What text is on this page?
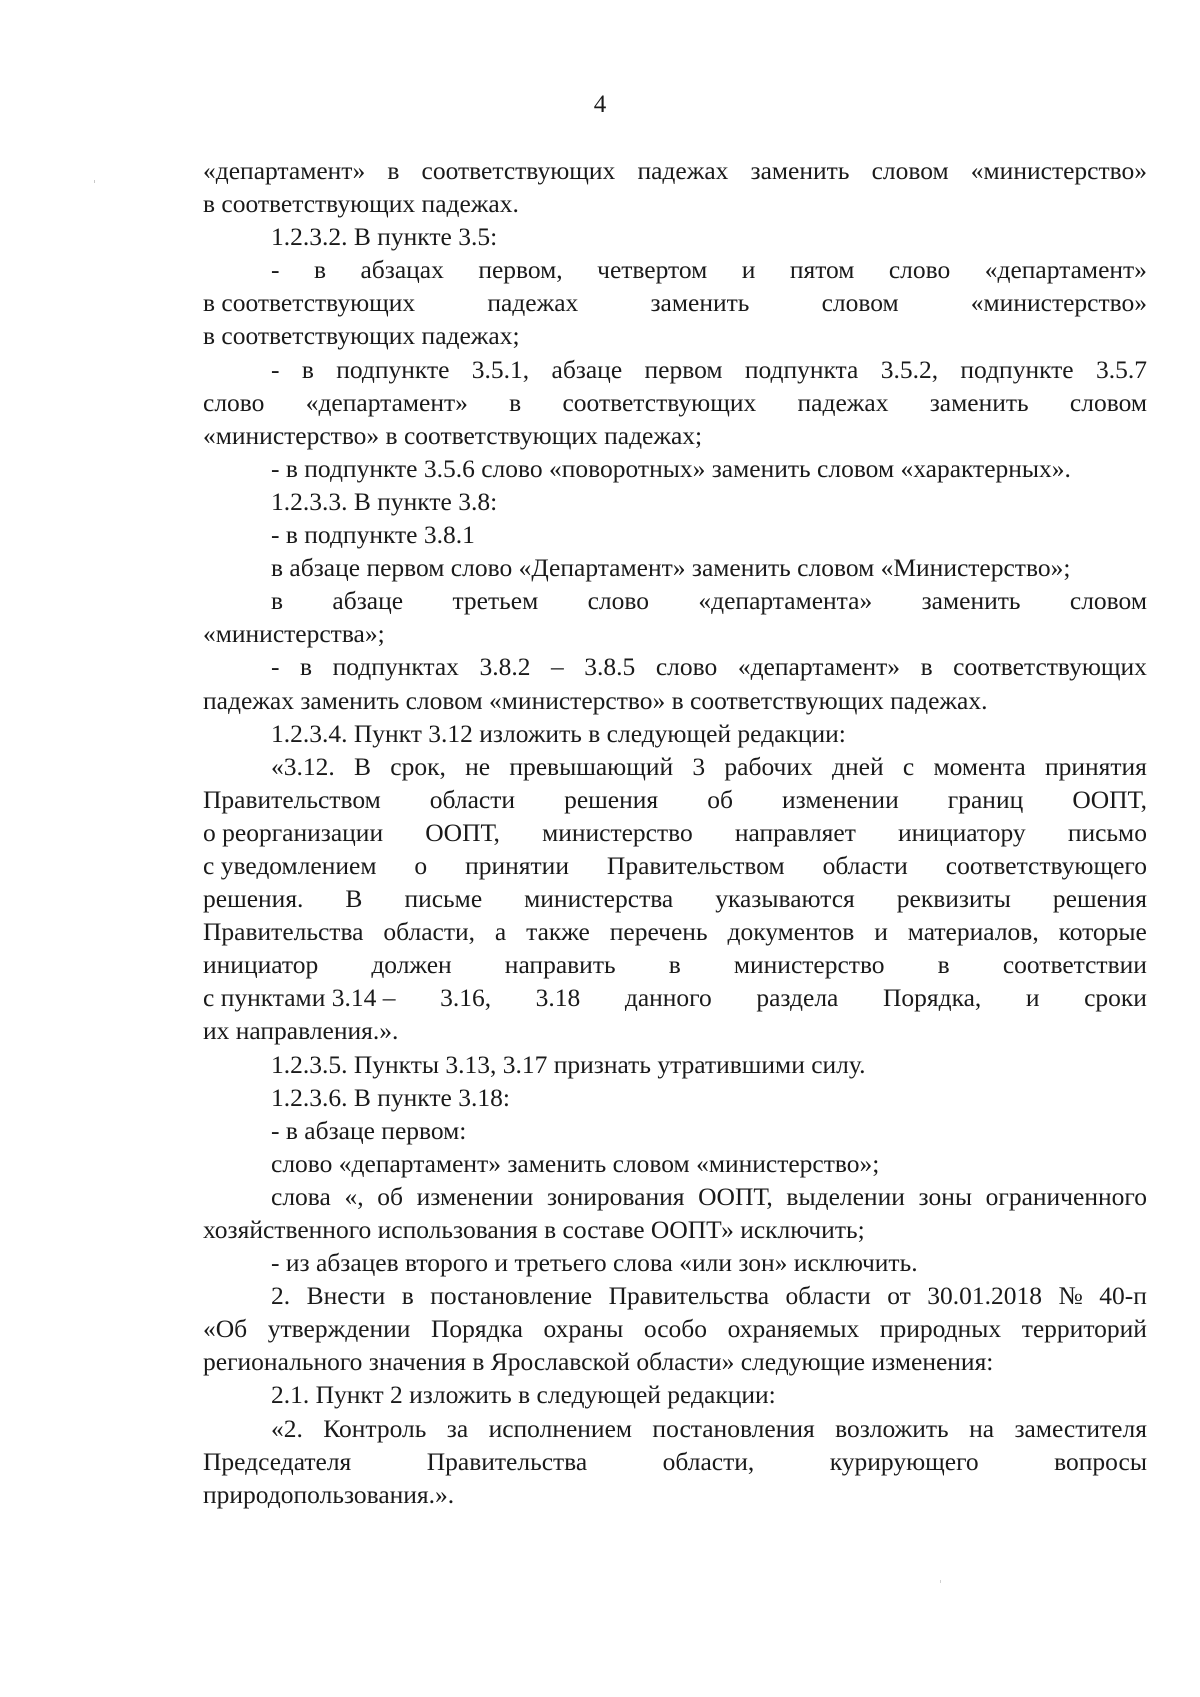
4
«департамент» в соответствующих падежах заменить словом «министерство»
в соответствующих падежах.
1.2.3.2. В пункте 3.5:
- в абзацах первом, четвертом и пятом слово «департамент»
в соответствующих	падежах	заменить	словом	«министерство»
в соответствующих падежах;
- в подпункте 3.5.1, абзаце первом подпункта 3.5.2, подпункте 3.5.7
слово «департамент» в соответствующих падежах заменить словом
«министерство» в соответствующих падежах;
- в подпункте 3.5.6 слово «поворотных» заменить словом «характерных».
1.2.3.3. В пункте 3.8:
- в подпункте 3.8.1
в абзаце первом слово «Департамент» заменить словом «Министерство»;
в абзаце третьем слово «департамента» заменить словом
«министерства»;
- в подпунктах 3.8.2 – 3.8.5 слово «департамент» в соответствующих
падежах заменить словом «министерство» в соответствующих падежах.
1.2.3.4. Пункт 3.12 изложить в следующей редакции:
«3.12. В срок, не превышающий 3 рабочих дней с момента принятия
Правительством области решения об изменении границ ООПТ,
о реорганизации ООПТ, министерство направляет инициатору письмо
с уведомлением о принятии Правительством области соответствующего
решения. В письме министерства указываются реквизиты решения
Правительства области, а также перечень документов и материалов, которые
инициатор должен направить в министерство в соответствии
с пунктами 3.14 – 3.16, 3.18 данного раздела Порядка, и сроки
их направления.».
1.2.3.5. Пункты 3.13, 3.17 признать утратившими силу.
1.2.3.6. В пункте 3.18:
- в абзаце первом:
слово «департамент» заменить словом «министерство»;
слова «, об изменении зонирования ООПТ, выделении зоны ограниченного
хозяйственного использования в составе ООПТ» исключить;
- из абзацев второго и третьего слова «или зон» исключить.
2. Внести в постановление Правительства области от 30.01.2018 № 40-п
«Об утверждении Порядка охраны особо охраняемых природных территорий
регионального значения в Ярославской области» следующие изменения:
2.1. Пункт 2 изложить в следующей редакции:
«2. Контроль за исполнением постановления возложить на заместителя
Председателя	Правительства	области,	курирующего	вопросы
природопользования.».
